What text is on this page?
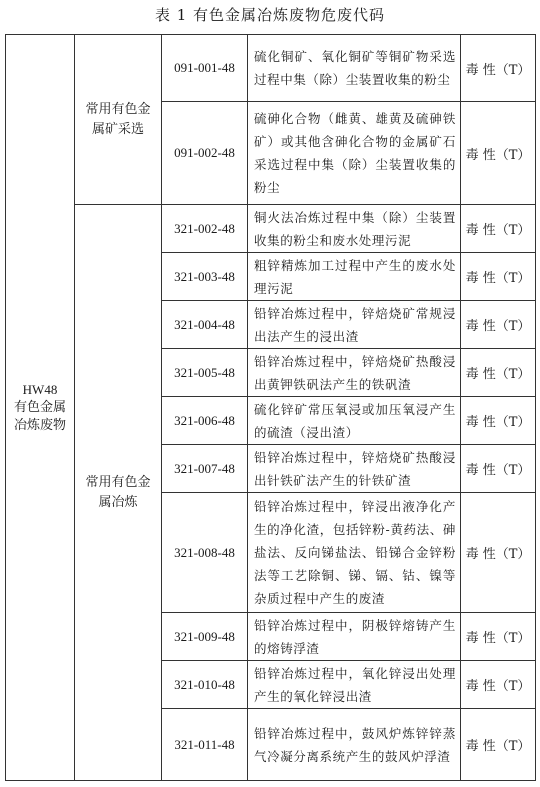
表 1 有色金属冶炼废物危废代码
HW48
有色金属冶炼废物	常用有色金属矿采选	091-001-48	硫化铜矿、氧化铜矿等铜矿物采选过程中集（除）尘装置收集的粉尘	毒 性（T）
		091-002-48	硫砷化合物（雌黄、雄黄及硫砷铁矿）或其他含砷化合物的金属矿石采选过程中集（除）尘装置收集的粉尘	毒 性（T）
	常用有色金属冶炼	321-002-48	铜火法冶炼过程中集（除）尘装置收集的粉尘和废水处理污泥	毒 性（T）
		321-003-48	粗锌精炼加工过程中产生的废水处理污泥	毒 性（T）
		321-004-48	铅锌冶炼过程中，锌焙烧矿常规浸出法产生的浸出渣	毒 性（T）
		321-005-48	铅锌冶炼过程中，锌焙烧矿热酸浸出黄钾铁矾法产生的铁矾渣	毒 性（T）
		321-006-48	硫化锌矿常压氧浸或加压氧浸产生的硫渣（浸出渣）	毒 性（T）
		321-007-48	铅锌冶炼过程中，锌焙烧矿热酸浸出针铁矿法产生的针铁矿渣	毒 性（T）
		321-008-48	铅锌冶炼过程中，锌浸出液净化产生的净化渣，包括锌粉-黄药法、砷盐法、反向锑盐法、铅锑合金锌粉法等工艺除铜、锑、镉、钴、镍等杂质过程中产生的废渣	毒 性（T）
		321-009-48	铅锌冶炼过程中，阴极锌熔铸产生的熔铸浮渣	毒 性（T）
		321-010-48	铅锌冶炼过程中，氧化锌浸出处理产生的氧化锌浸出渣	毒 性（T）
		321-011-48	铅锌冶炼过程中，鼓风炉炼锌锌蒸气冷凝分离系统产生的鼓风炉浮渣	毒 性（T）
